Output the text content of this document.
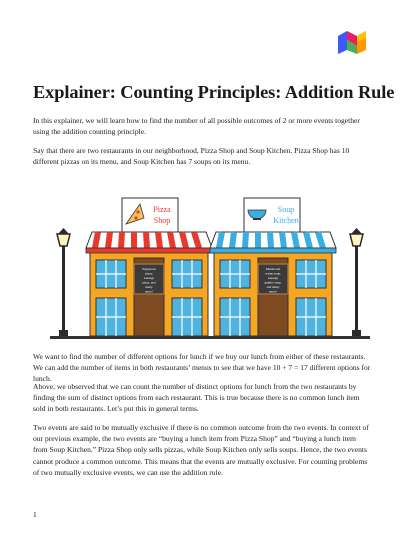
Explainer: Counting Principles: Addition Rule

In this explainer, we will learn how to find the number of all possible outcomes of 2 or more events together using the addition counting principle.

Say that there are two restaurants in our neighborhood, Pizza Shop and Soup Kitchen. Pizza Shop has 10 different pizzas on its menu, and Soup Kitchen has 7 soups on its menu.

Pizza
Shop
Pepperoni
pizza,
sausage
pizza, and
many
more!
Soup
Kitchen
Mushroom
cream soup,
sausage
gumbo soup,
and many
more!

We want to find the number of different options for lunch if we buy our lunch from either of these restaurants. We can add the number of items in both restaurants’ menus to see that we have 10 + 7 = 17 different options for lunch.

Above, we observed that we can count the number of distinct options for lunch from the two restaurants by finding the sum of distinct options from each restaurant. This is true because there is no common lunch item sold in both restaurants. Let’s put this in general terms.

Two events are said to be mutually exclusive if there is no common outcome from the two events. In context of our previous example, the two events are “buying a lunch item from Pizza Shop” and “buying a lunch item from Soup Kitchen.” Pizza Shop only sells pizzas, while Soup Kitchen only sells soups. Hence, the two events cannot produce a common outcome. This means that the events are mutually exclusive. For counting problems of two mutually exclusive events, we can use the addition rule.

1
